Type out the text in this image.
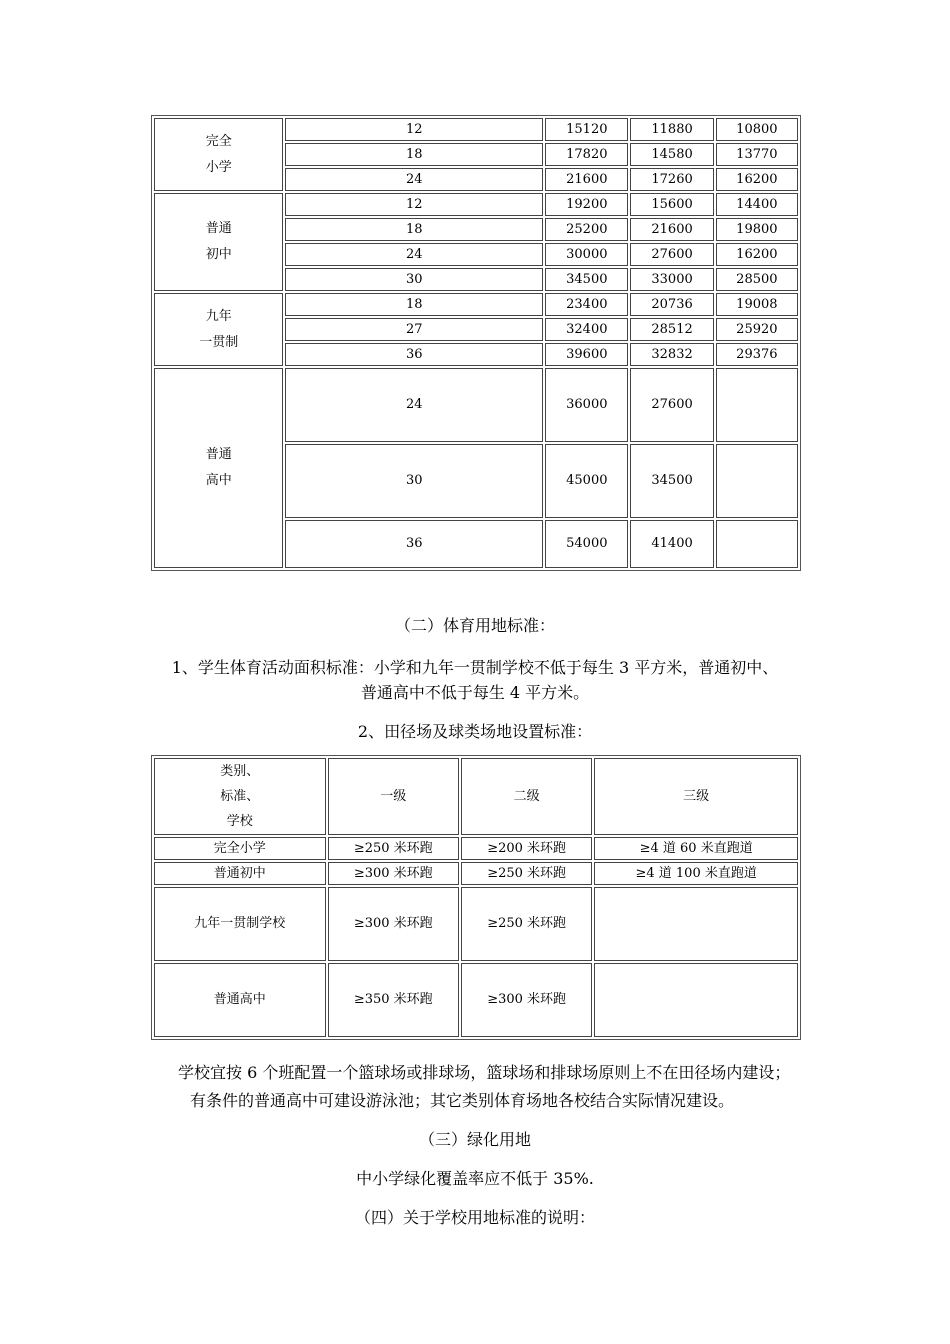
完全
小学	12	15120	11880	10800
	18	17820	14580	13770
	24	21600	17260	16200

普通
初中	12	19200	15600	14400
	18	25200	21600	19800
	24	30000	27600	16200
	30	34500	33000	28500

九年
一贯制	18	23400	20736	19008
	27	32400	28512	25920
	36	39600	32832	29376

普通
高中	24	36000	27600	
	30	45000	34500	
	36	54000	41400	
（二）体育用地标准：
1、学生体育活动面积标准：小学和九年一贯制学校不低于每生 3 平方米，普通初中、
普通高中不低于每生 4 平方米。
2、田径场及球类场地设置标准：
类别、
标准、
学校	一级	二级	三级
完全小学	≥250 米环跑	≥200 米环跑	≥4 道 60 米直跑道
普通初中	≥300 米环跑	≥250 米环跑	≥4 道 100 米直跑道
九年一贯制学校	≥300 米环跑	≥250 米环跑	
普通高中	≥350 米环跑	≥300 米环跑	
学校宜按 6 个班配置一个篮球场或排球场，篮球场和排球场原则上不在田径场内建设；
有条件的普通高中可建设游泳池；其它类别体育场地各校结合实际情况建设。
（三）绿化用地
中小学绿化覆盖率应不低于 35%.
（四）关于学校用地标准的说明：
